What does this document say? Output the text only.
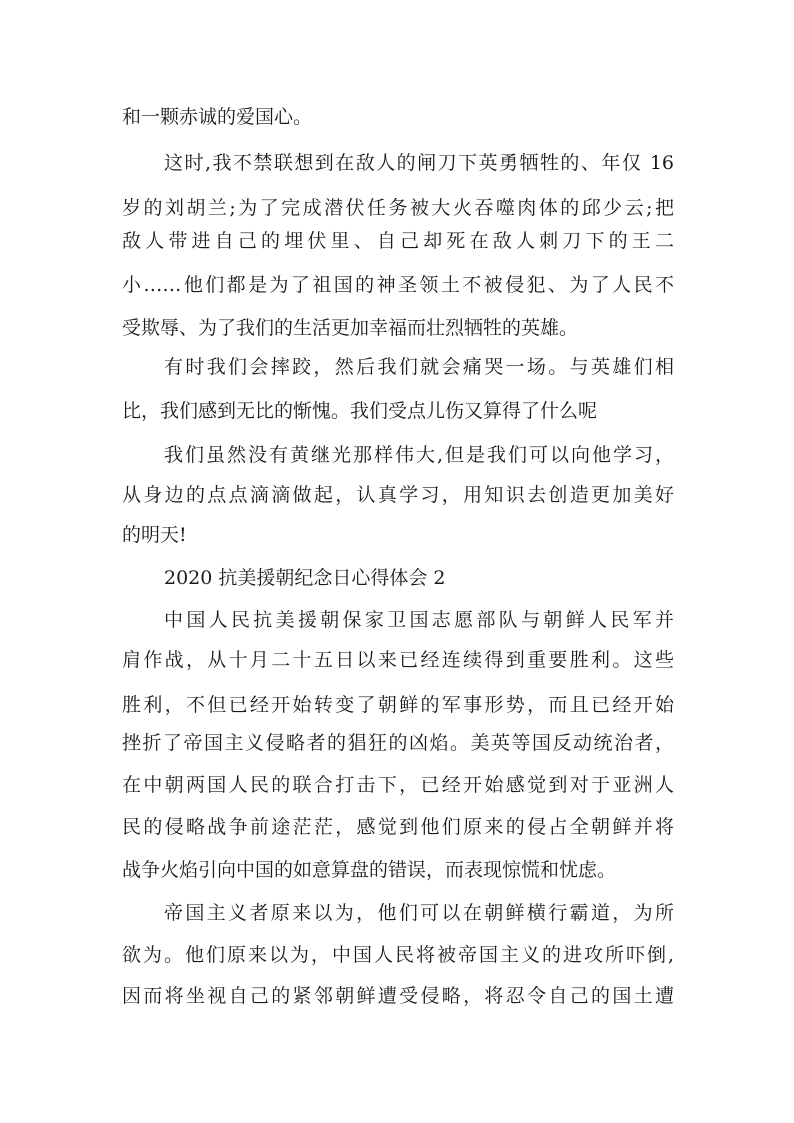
和一颗赤诚的爱国心。
这时,我不禁联想到在敌人的闸刀下英勇牺牲的、年仅 16
岁的刘胡兰;为了完成潜伏任务被大火吞噬肉体的邱少云;把
敌人带进自己的埋伏里、自己却死在敌人刺刀下的王二
小……他们都是为了祖国的神圣领土不被侵犯、为了人民不
受欺辱、为了我们的生活更加幸福而壮烈牺牲的英雄。
有时我们会摔跤，然后我们就会痛哭一场。与英雄们相
比，我们感到无比的惭愧。我们受点儿伤又算得了什么呢
我们虽然没有黄继光那样伟大,但是我们可以向他学习，
从身边的点点滴滴做起，认真学习，用知识去创造更加美好
的明天!
2020 抗美援朝纪念日心得体会 2
中国人民抗美援朝保家卫国志愿部队与朝鲜人民军并
肩作战，从十月二十五日以来已经连续得到重要胜利。这些
胜利，不但已经开始转变了朝鲜的军事形势，而且已经开始
挫折了帝国主义侵略者的猖狂的凶焰。美英等国反动统治者，
在中朝两国人民的联合打击下，已经开始感觉到对于亚洲人
民的侵略战争前途茫茫，感觉到他们原来的侵占全朝鲜并将
战争火焰引向中国的如意算盘的错误，而表现惊慌和忧虑。
帝国主义者原来以为，他们可以在朝鲜横行霸道，为所
欲为。他们原来以为，中国人民将被帝国主义的进攻所吓倒,
因而将坐视自己的紧邻朝鲜遭受侵略，将忍令自己的国土遭
